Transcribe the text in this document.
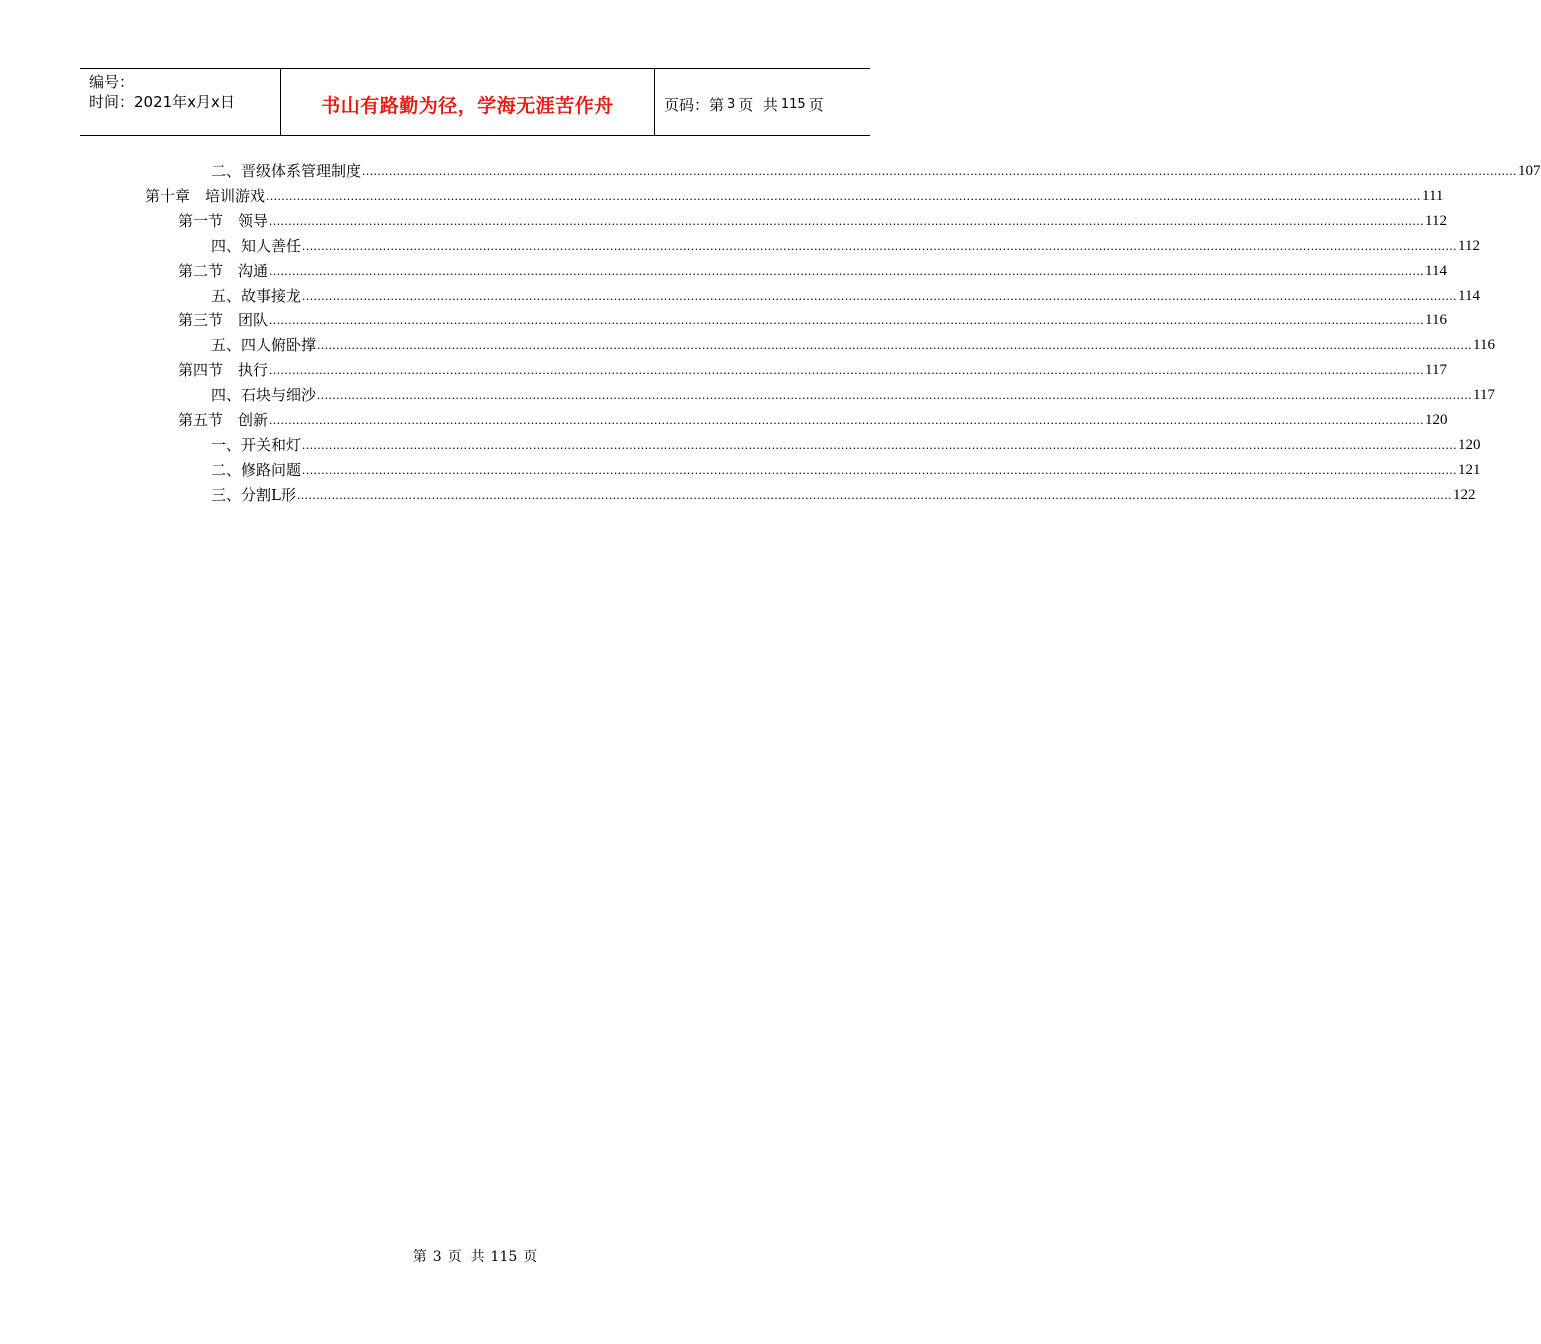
编号：
时间：2021年x月x日	书山有路勤为径，学海无涯苦作舟	页码：第 3 页  共 115 页
二、晋级体系管理制度 ............................................................................................................................................................................................................................................................................................................ 107
第十章　培训游戏 ............................................................................................................................................................................................................................................................................................................ 111
第一节　领导 ............................................................................................................................................................................................................................................................................................................ 112
四、知人善任 ............................................................................................................................................................................................................................................................................................................ 112
第二节　沟通 ............................................................................................................................................................................................................................................................................................................ 114
五、故事接龙 ............................................................................................................................................................................................................................................................................................................ 114
第三节　团队 ............................................................................................................................................................................................................................................................................................................ 116
五、四人俯卧撑 ............................................................................................................................................................................................................................................................................................................ 116
第四节　执行 ............................................................................................................................................................................................................................................................................................................ 117
四、石块与细沙 ............................................................................................................................................................................................................................................................................................................ 117
第五节　创新 ............................................................................................................................................................................................................................................................................................................ 120
一、开关和灯 ............................................................................................................................................................................................................................................................................................................ 120
二、修路问题 ............................................................................................................................................................................................................................................................................................................ 121
三、分割L形 ............................................................................................................................................................................................................................................................................................................ 122
第 3 页  共 115 页
